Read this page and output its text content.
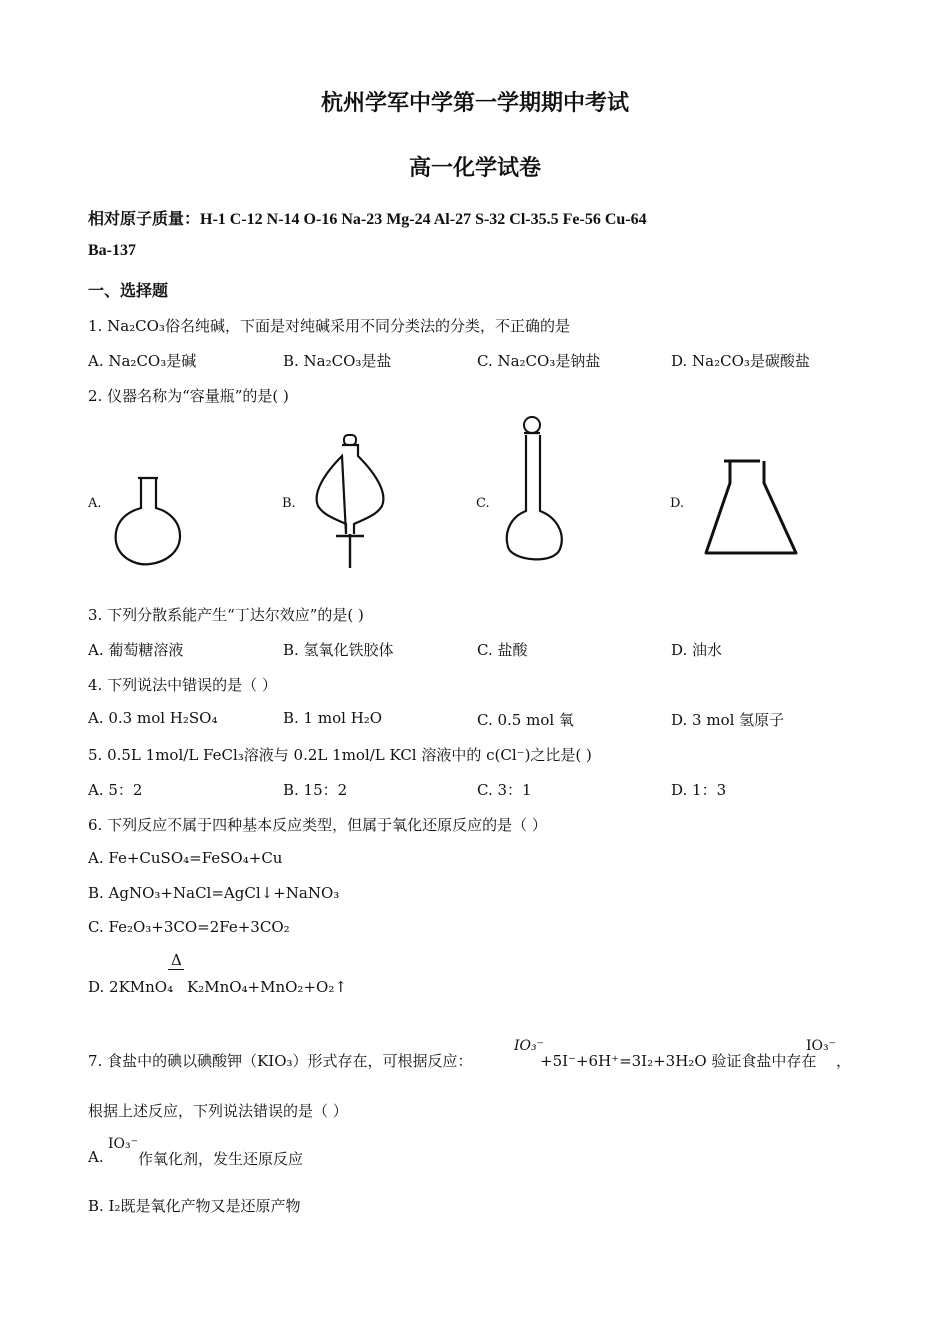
杭州学军中学第一学期期中考试
高一化学试卷
相对原子质量：H-1 C-12 N-14 O-16 Na-23 Mg-24 Al-27 S-32 Cl-35.5 Fe-56 Cu-64
Ba-137
一、选择题
1. Na₂CO₃俗名纯碱，下面是对纯碱采用不同分类法的分类，不正确的是
A. Na₂CO₃是碱	B. Na₂CO₃是盐	C. Na₂CO₃是钠盐	D. Na₂CO₃是碳酸盐
2. 仪器名称为“容量瓶”的是( )
A.	B.	C.	D.
3. 下列分散系能产生“丁达尔效应”的是( )
A. 葡萄糖溶液	B. 氢氧化铁胶体	C. 盐酸	D. 油水
4. 下列说法中错误的是（ ）
A. 0.3 mol H₂SO₄	B. 1 mol H₂O	C. 0.5 mol 氧	D. 3 mol 氢原子
5. 0.5L 1mol/L FeCl₃溶液与 0.2L 1mol/L KCl 溶液中的 c(Cl⁻)之比是( )
A. 5：2	B. 15：2	C. 3：1	D. 1：3
6. 下列反应不属于四种基本反应类型，但属于氧化还原反应的是（ ）
A. Fe+CuSO₄=FeSO₄+Cu
B. AgNO₃+NaCl=AgCl↓+NaNO₃
C. Fe₂O₃+3CO=2Fe+3CO₂
D. 2KMnO₄
Δ
K₂MnO₄+MnO₂+O₂↑
7. 食盐中的碘以碘酸钾（KIO₃）形式存在，可根据反应：
IO₃⁻
+5I⁻+6H⁺=3I₂+3H₂O 验证食盐中存在
IO₃⁻
，
根据上述反应，下列说法错误的是（ ）
A.
IO₃⁻
作氧化剂，发生还原反应
B. I₂既是氧化产物又是还原产物
